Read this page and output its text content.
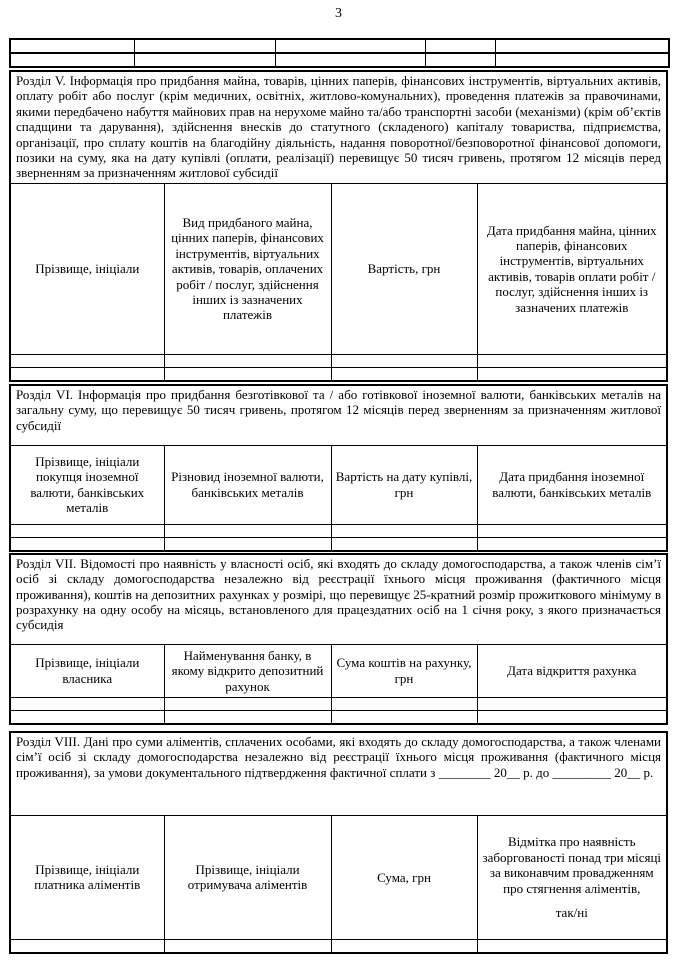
3

Розділ V. Інформація про придбання майна, товарів, цінних паперів, фінансових інструментів, віртуальних активів, оплату робіт або послуг (крім медичних, освітніх, житлово-комунальних), проведення платежів за правочинами, якими передбачено набуття майнових прав на нерухоме майно та/або транспортні засоби (механізми) (крім об’єктів спадщини та дарування), здійснення внесків до статутного (складеного) капіталу товариства, підприємства, організації, про сплату коштів на благодійну діяльність, надання поворотної/безповоротної фінансової допомоги, позики на суму, яка на дату купівлі (оплати, реалізації) перевищує 50 тисяч гривень, протягом 12 місяців перед зверненням за призначенням житлової субсидії			
Прізвище, ініціали	Вид придбаного майна, цінних паперів, фінансових інструментів, віртуальних активів, товарів, оплачених робіт / послуг, здійснення інших із зазначених платежів	Вартість, грн	Дата придбання майна, цінних паперів, фінансових інструментів, віртуальних активів, товарів оплати робіт / послуг, здійснення інших із зазначених платежів

Розділ VI. Інформація про придбання безготівкової та / або готівкової іноземної валюти, банківських металів на загальну суму, що перевищує 50 тисяч гривень, протягом 12 місяців перед зверненням за призначенням житлової субсидії			
Прізвище, ініціали покупця іноземної валюти, банківських металів	Різновид іноземної валюти, банківських металів	Вартість на дату купівлі, грн	Дата придбання іноземної валюти, банківських металів

Розділ VII. Відомості про наявність у власності осіб, які входять до складу домогосподарства, а також членів сім’ї осіб зі складу домогосподарства незалежно від реєстрації їхнього місця проживання (фактичного місця проживання), коштів на депозитних рахунках у розмірі, що перевищує 25-кратний розмір прожиткового мінімуму в розрахунку на одну особу на місяць, встановленого для працездатних осіб на 1 січня року, з якого призначається субсидія			
Прізвище, ініціали власника	Найменування банку, в якому відкрито депозитний рахунок	Сума коштів на рахунку, грн	Дата відкриття рахунка

Розділ VIII. Дані про суми аліментів, сплачених особами, які входять до складу домогосподарства, а також членами сім’ї осіб зі складу домогосподарства незалежно від реєстрації їхнього місця проживання (фактичного місця проживання), за умови документального підтвердження фактичної сплати з ________ 20__ р. до _________ 20__ р.			
Прізвище, ініціали платника аліментів	Прізвище, ініціали отримувача аліментів	Сума, грн	Відмітка про наявність заборгованості понад три місяці за виконавчим провадженням про стягнення аліментів,
так/ні
